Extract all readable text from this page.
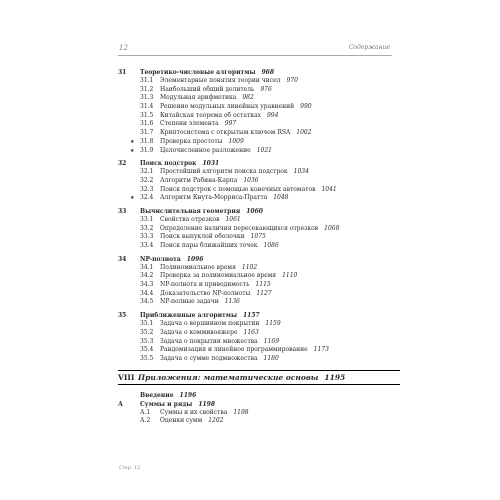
12	Содержание
31	Теоретико-числовые алгоритмы 968
31.1	Элементарные понятия теории чисел 970
31.2	Наибольший общий делитель 976
31.3	Модульная арифметика 982
31.4	Решение модульных линейных уравнений 990
31.5	Китайская теорема об остатках 994
31.6	Степени элемента 997
31.7	Криптосистема с открытым ключом RSA 1002
★ 31.8	Проверка простоты 1009
★ 31.9	Целочисленное разложение 1021
32	Поиск подстрок 1031
32.1	Простейший алгоритм поиска подстрок 1034
32.2	Алгоритм Рабина-Карпа 1036
32.3	Поиск подстрок с помощью конечных автоматов 1041
★ 32.4	Алгоритм Кнута-Морриса-Пратта 1048
33	Вычислительная геометрия 1060
33.1	Свойства отрезков 1061
33.2	Определение наличия пересекающихся отрезков 1068
33.3	Поиск выпуклой оболочки 1075
33.4	Поиск пары ближайших точек 1086
34	NP-полнота 1096
34.1	Полиномиальное время 1102
34.2	Проверка за полиномиальное время 1110
34.3	NP-полнота и приводимость 1115
34.4	Доказательство NP-полноты 1127
34.5	NP-полные задачи 1136
35	Приближенные алгоритмы 1157
35.1	Задача о вершинном покрытии 1159
35.2	Задача о коммивояжере 1163
35.3	Задача о покрытии множества 1169
35.4	Рандомизация и линейное программирование 1173
35.5	Задача о сумме подмножества 1180
VIII Приложения: математические основы 1195
Введение 1196
А	Суммы и ряды 1198
А.1	Суммы и их свойства 1198
А.2	Оценки сумм 1202
Стр. 12
